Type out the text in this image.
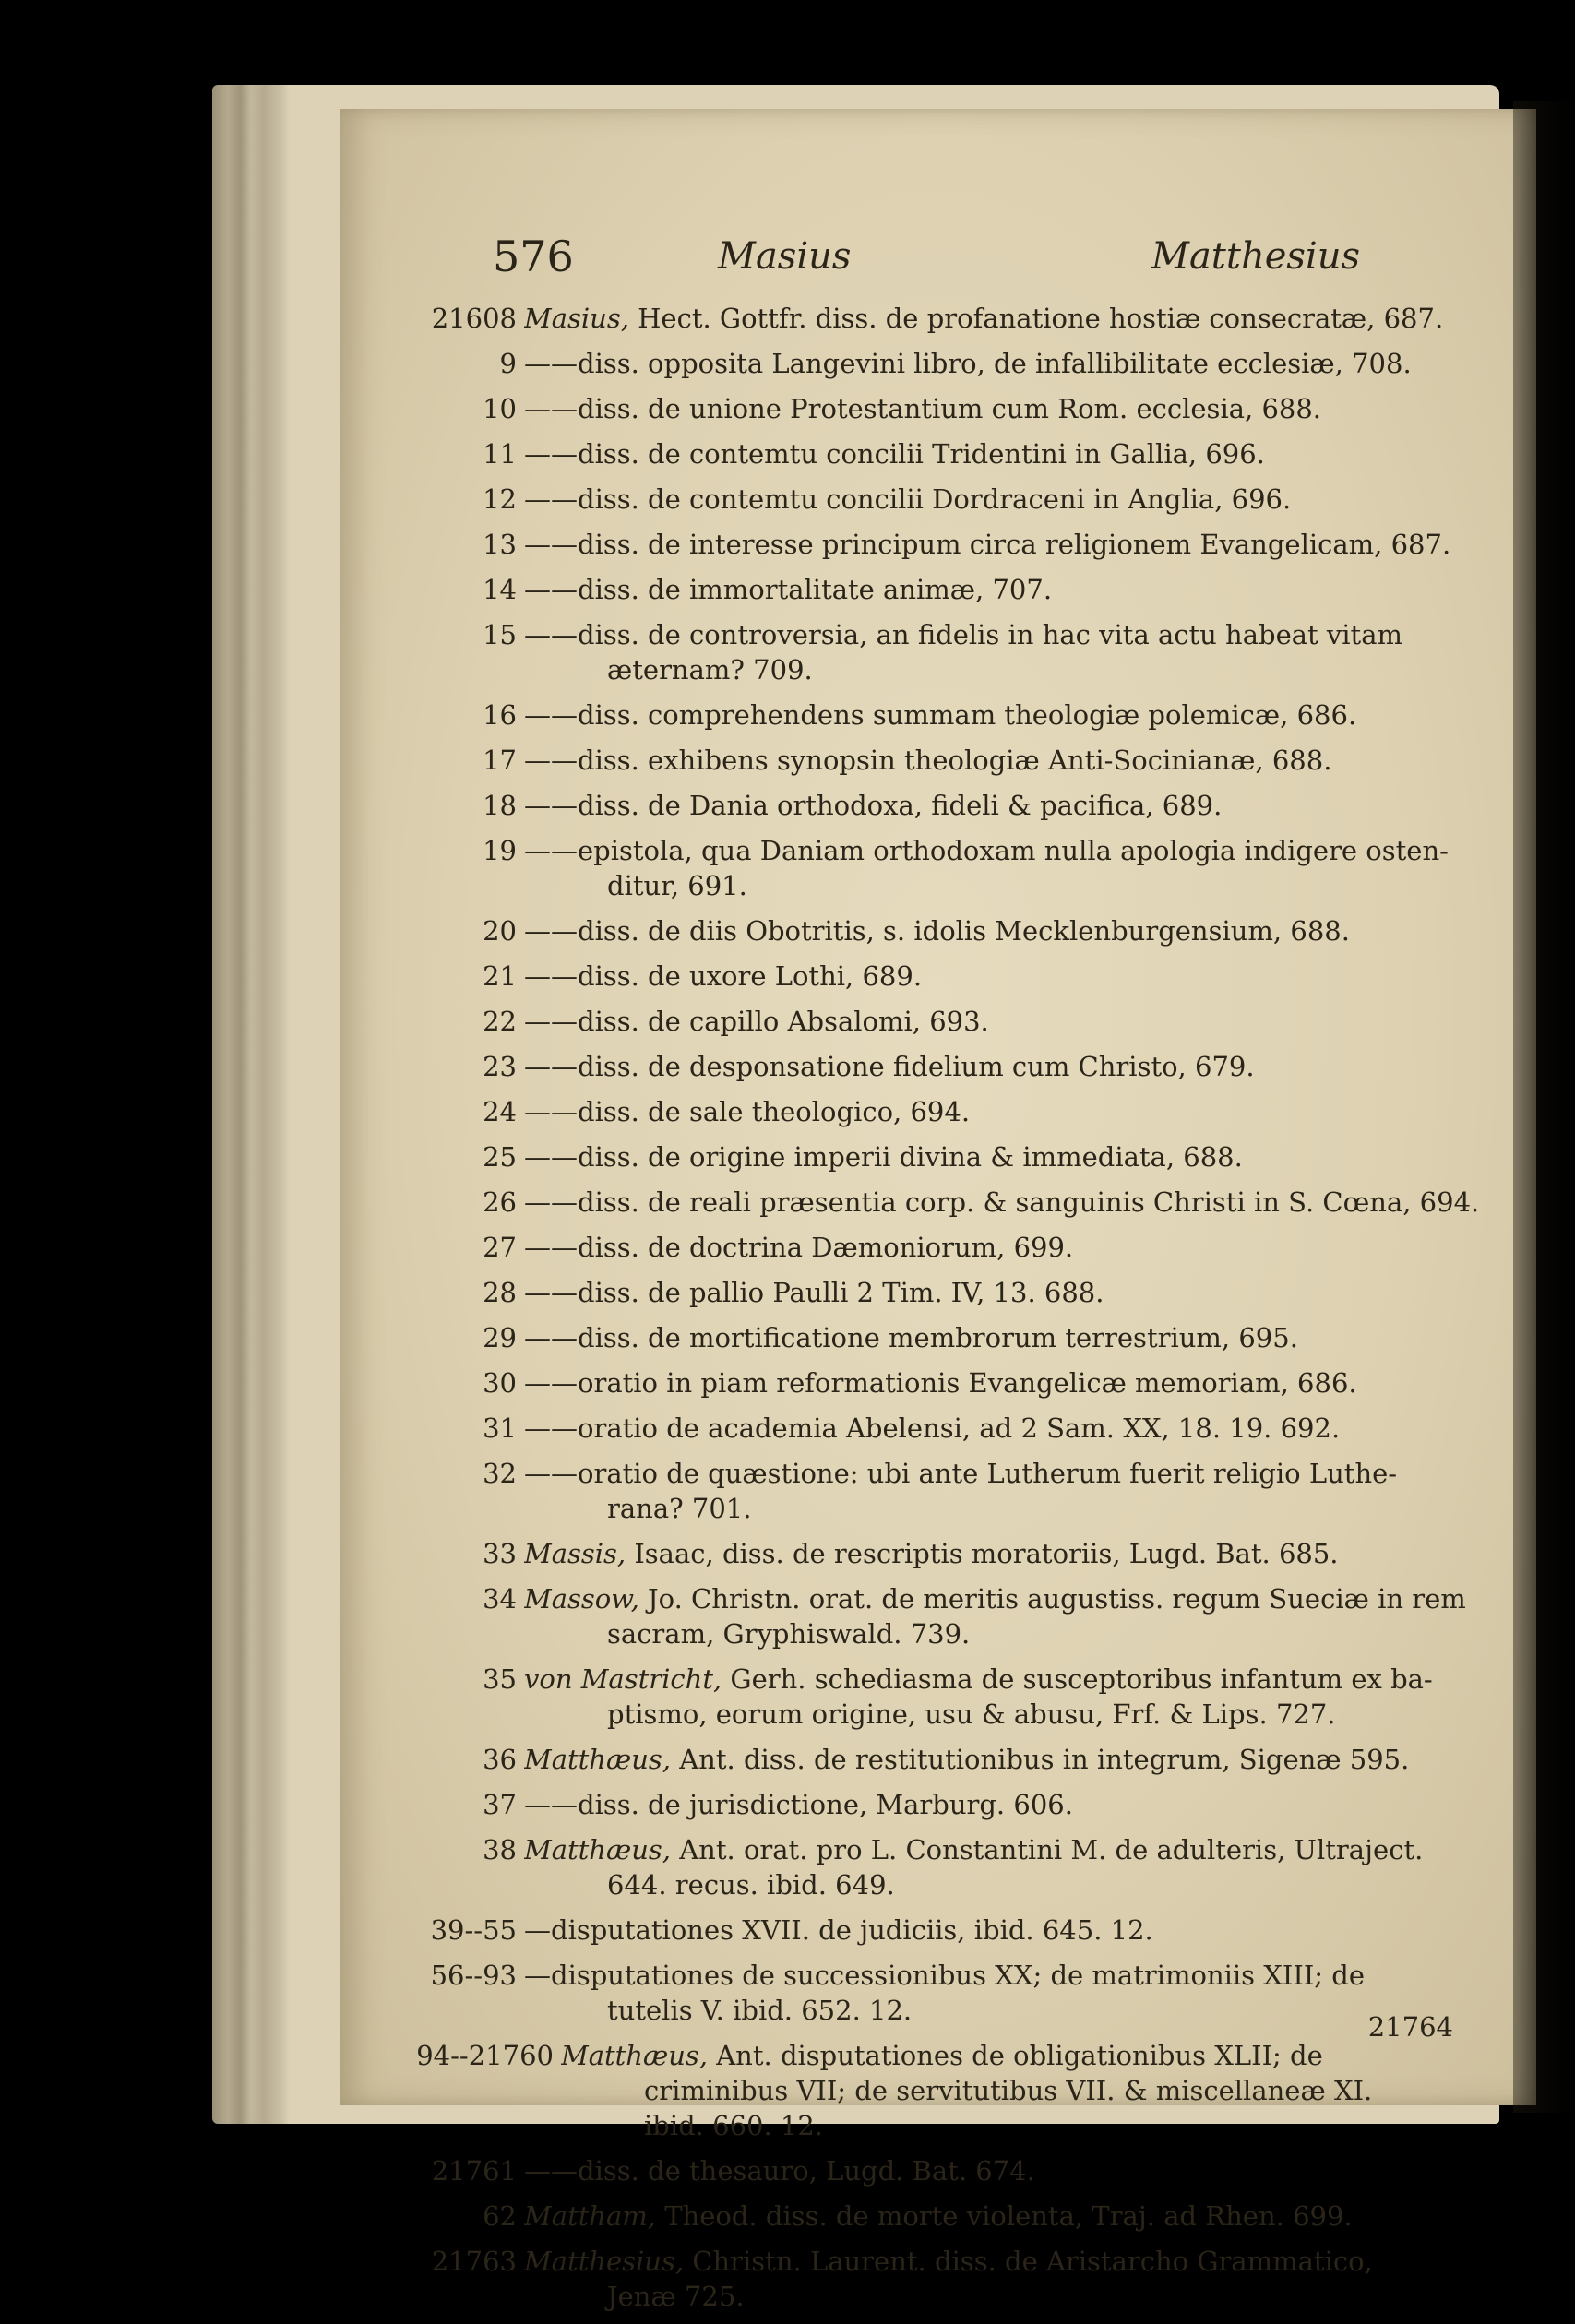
576	Masius	Matthesius
21608 Masius, Hect. Gottfr. diss. de profanatione hostiæ consecratæ, 687.
9 ——diss. opposita Langevini libro, de infallibilitate ecclesiæ, 708.
10 ——diss. de unione Protestantium cum Rom. ecclesia, 688.
11 ——diss. de contemtu concilii Tridentini in Gallia, 696.
12 ——diss. de contemtu concilii Dordraceni in Anglia, 696.
13 ——diss. de interesse principum circa religionem Evangelicam, 687.
14 ——diss. de immortalitate animæ, 707.
15 ——diss. de controversia, an fidelis in hac vita actu habeat vitam
æternam? 709.
16 ——diss. comprehendens summam theologiæ polemicæ, 686.
17 ——diss. exhibens synopsin theologiæ Anti-Socinianæ, 688.
18 ——diss. de Dania orthodoxa, fideli & pacifica, 689.
19 ——epistola, qua Daniam orthodoxam nulla apologia indigere osten-
ditur, 691.
20 ——diss. de diis Obotritis, s. idolis Mecklenburgensium, 688.
21 ——diss. de uxore Lothi, 689.
22 ——diss. de capillo Absalomi, 693.
23 ——diss. de desponsatione fidelium cum Christo, 679.
24 ——diss. de sale theologico, 694.
25 ——diss. de origine imperii divina & immediata, 688.
26 ——diss. de reali præsentia corp. & sanguinis Christi in S. Cœna, 694.
27 ——diss. de doctrina Dæmoniorum, 699.
28 ——diss. de pallio Paulli 2 Tim. IV, 13. 688.
29 ——diss. de mortificatione membrorum terrestrium, 695.
30 ——oratio in piam reformationis Evangelicæ memoriam, 686.
31 ——oratio de academia Abelensi, ad 2 Sam. XX, 18. 19. 692.
32 ——oratio de quæstione: ubi ante Lutherum fuerit religio Luthe-
rana? 701.
33 Massis, Isaac, diss. de rescriptis moratoriis, Lugd. Bat. 685.
34 Massow, Jo. Christn. orat. de meritis augustiss. regum Sueciæ in rem
sacram, Gryphiswald. 739.
35 von Mastricht, Gerh. schediasma de susceptoribus infantum ex ba-
ptismo, eorum origine, usu & abusu, Frf. & Lips. 727.
36 Matthæus, Ant. diss. de restitutionibus in integrum, Sigenæ 595.
37 ——diss. de jurisdictione, Marburg. 606.
38 Matthæus, Ant. orat. pro L. Constantini M. de adulteris, Ultraject.
644. recus. ibid. 649.
39--55 —disputationes XVII. de judiciis, ibid. 645. 12.
56--93 —disputationes de successionibus XX; de matrimoniis XIII; de
tutelis V. ibid. 652. 12.
94--21760 Matthæus, Ant. disputationes de obligationibus XLII; de
criminibus VII; de servitutibus VII. & miscellaneæ XI.
ibid. 660. 12.
21761 ——diss. de thesauro, Lugd. Bat. 674.
62 Mattham, Theod. diss. de morte violenta, Traj. ad Rhen. 699.
21763 Matthesius, Christn. Laurent. diss. de Aristarcho Grammatico,
Jenæ 725.
21764
